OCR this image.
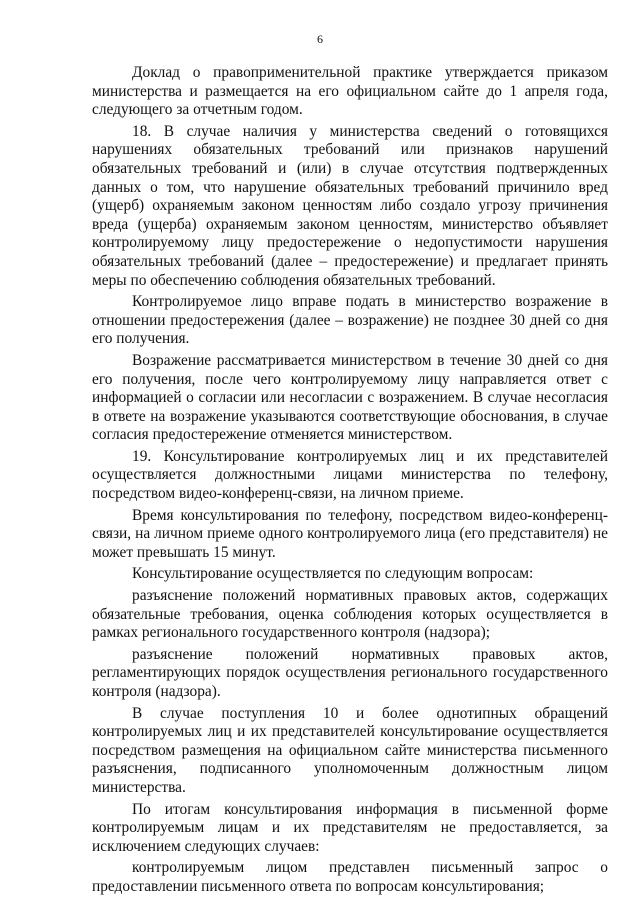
6

Доклад о правоприменительной практике утверждается приказом министерства и размещается на его официальном сайте до 1 апреля года, следующего за отчетным годом.

18. В случае наличия у министерства сведений о готовящихся нарушениях обязательных требований или признаков нарушений обязательных требований и (или) в случае отсутствия подтвержденных данных о том, что нарушение обязательных требований причинило вред (ущерб) охраняемым законом ценностям либо создало угрозу причинения вреда (ущерба) охраняемым законом ценностям, министерство объявляет контролируемому лицу предостережение о недопустимости нарушения обязательных требований (далее – предостережение) и предлагает принять меры по обеспечению соблюдения обязательных требований.

Контролируемое лицо вправе подать в министерство возражение в отношении предостережения (далее – возражение) не позднее 30 дней со дня его получения.

Возражение рассматривается министерством в течение 30 дней со дня его получения, после чего контролируемому лицу направляется ответ с информацией о согласии или несогласии с возражением. В случае несогласия в ответе на возражение указываются соответствующие обоснования, в случае согласия предостережение отменяется министерством.

19. Консультирование контролируемых лиц и их представителей осуществляется должностными лицами министерства по телефону, посредством видео-конференц-связи, на личном приеме.

Время консультирования по телефону, посредством видео-конференц-связи, на личном приеме одного контролируемого лица (его представителя) не может превышать 15 минут.

Консультирование осуществляется по следующим вопросам:

разъяснение положений нормативных правовых актов, содержащих обязательные требования, оценка соблюдения которых осуществляется в рамках регионального государственного контроля (надзора);

разъяснение положений нормативных правовых актов, регламентирующих порядок осуществления регионального государственного контроля (надзора).

В случае поступления 10 и более однотипных обращений контролируемых лиц и их представителей консультирование осуществляется посредством размещения на официальном сайте министерства письменного разъяснения, подписанного уполномоченным должностным лицом министерства.

По итогам консультирования информация в письменной форме контролируемым лицам и их представителям не предоставляется, за исключением следующих случаев:

контролируемым лицом представлен письменный запрос о предоставлении письменного ответа по вопросам консультирования;
